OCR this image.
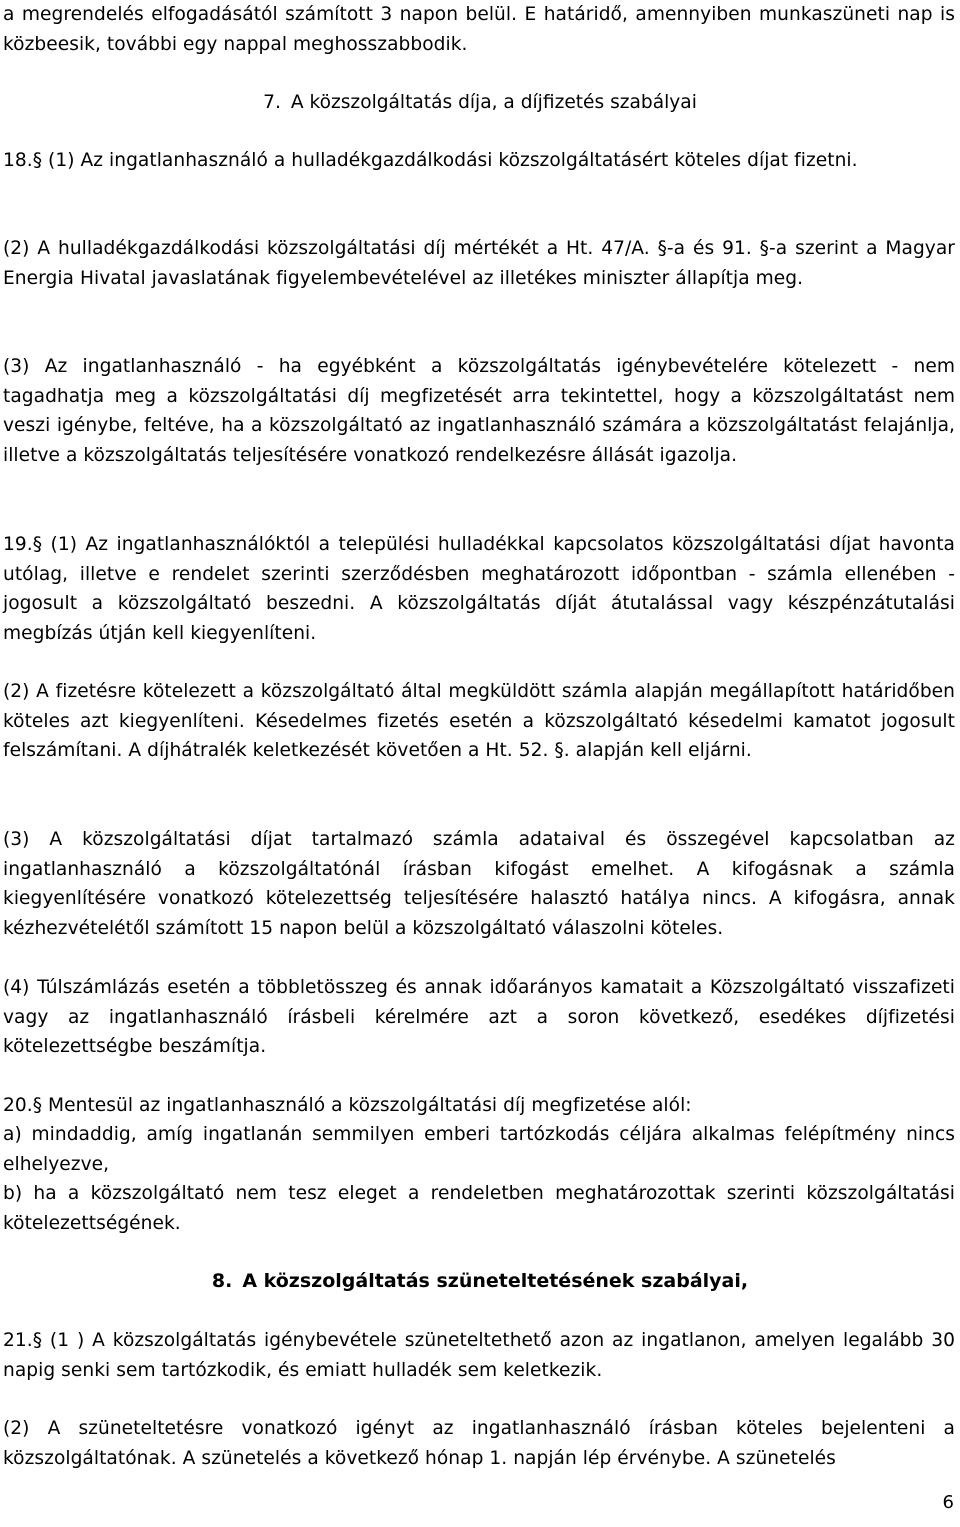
a megrendelés elfogadásától számított 3 napon belül. E határidő, amennyiben munkaszüneti nap is közbeesik, további egy nappal meghosszabbodik.

7. A közszolgáltatás díja, a díjfizetés szabályai

18.§ (1) Az ingatlanhasználó a hulladékgazdálkodási közszolgáltatásért köteles díjat fizetni.

(2) A hulladékgazdálkodási közszolgáltatási díj mértékét a Ht. 47/A. §-a és 91. §-a szerint a Magyar Energia Hivatal javaslatának figyelembevételével az illetékes miniszter állapítja meg.

(3) Az ingatlanhasználó - ha egyébként a közszolgáltatás igénybevételére kötelezett - nem tagadhatja meg a közszolgáltatási díj megfizetését arra tekintettel, hogy a közszolgáltatást nem veszi igénybe, feltéve, ha a közszolgáltató az ingatlanhasználó számára a közszolgáltatást felajánlja, illetve a közszolgáltatás teljesítésére vonatkozó rendelkezésre állását igazolja.

19.§ (1) Az ingatlanhasználóktól a települési hulladékkal kapcsolatos közszolgáltatási díjat havonta utólag, illetve e rendelet szerinti szerződésben meghatározott időpontban - számla ellenében - jogosult a közszolgáltató beszedni. A közszolgáltatás díját átutalással vagy készpénzátutalási megbízás útján kell kiegyenlíteni.

(2) A fizetésre kötelezett a közszolgáltató által megküldött számla alapján megállapított határidőben köteles azt kiegyenlíteni. Késedelmes fizetés esetén a közszolgáltató késedelmi kamatot jogosult felszámítani. A díjhátralék keletkezését követően a Ht. 52. §. alapján kell eljárni.

(3) A közszolgáltatási díjat tartalmazó számla adataival és összegével kapcsolatban az ingatlanhasználó a közszolgáltatónál írásban kifogást emelhet. A kifogásnak a számla kiegyenlítésére vonatkozó kötelezettség teljesítésére halasztó hatálya nincs. A kifogásra, annak kézhezvételétől számított 15 napon belül a közszolgáltató válaszolni köteles.

(4) Túlszámlázás esetén a többletösszeg és annak időarányos kamatait a Közszolgáltató visszafizeti vagy az ingatlanhasználó írásbeli kérelmére azt a soron következő, esedékes díjfizetési kötelezettségbe beszámítja.

20.§ Mentesül az ingatlanhasználó a közszolgáltatási díj megfizetése alól:

a) mindaddig, amíg ingatlanán semmilyen emberi tartózkodás céljára alkalmas felépítmény nincs elhelyezve,

b) ha a közszolgáltató nem tesz eleget a rendeletben meghatározottak szerinti közszolgáltatási kötelezettségének.

8. A közszolgáltatás szüneteltetésének szabályai,

21.§ (1 ) A közszolgáltatás igénybevétele szüneteltethető azon az ingatlanon, amelyen legalább 30 napig senki sem tartózkodik, és emiatt hulladék sem keletkezik.

(2) A szüneteltetésre vonatkozó igényt az ingatlanhasználó írásban köteles bejelenteni a közszolgáltatónak. A szünetelés a következő hónap 1. napján lép érvénybe. A szünetelés

6
